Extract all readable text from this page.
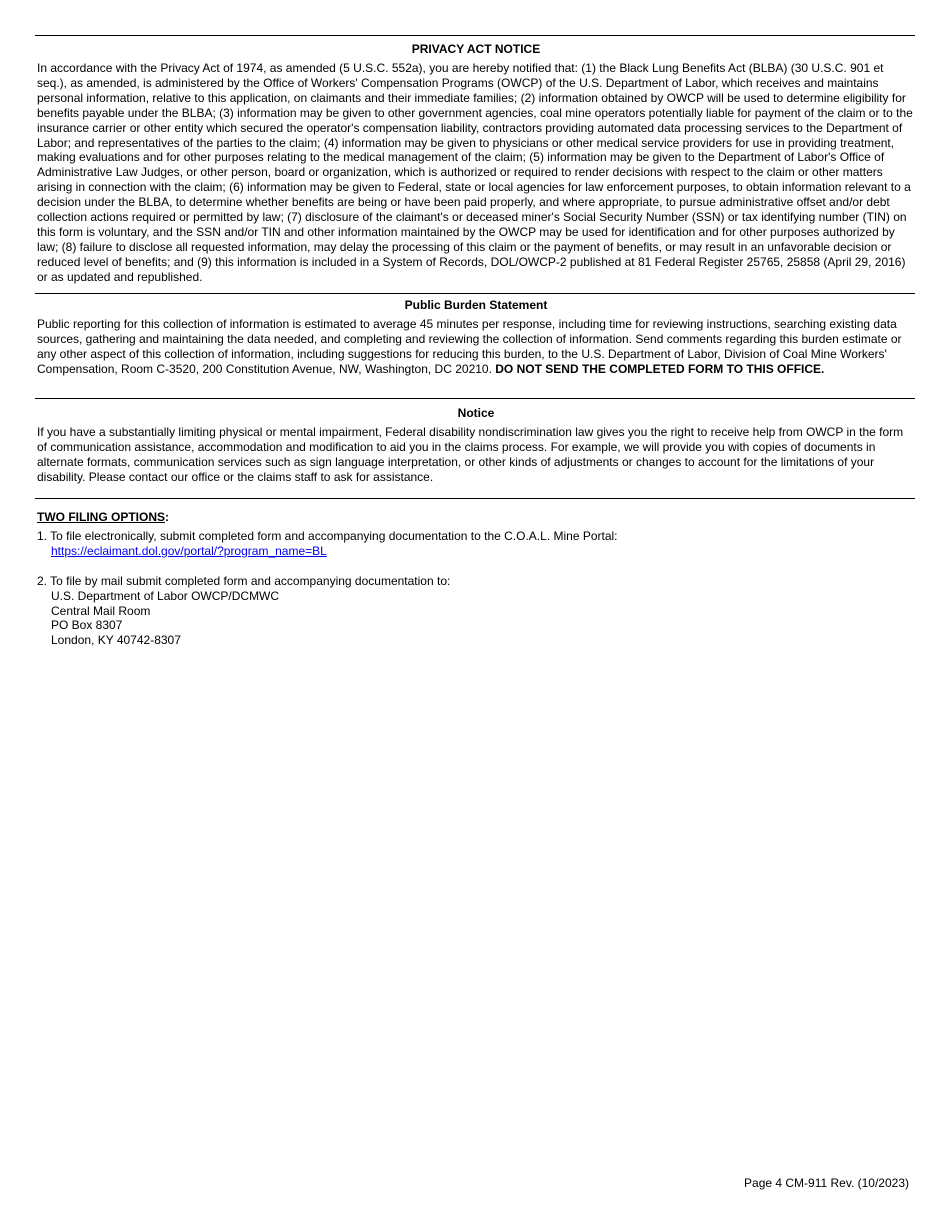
PRIVACY ACT NOTICE

In accordance with the Privacy Act of 1974, as amended (5 U.S.C. 552a), you are hereby notified that: (1) the Black Lung Benefits Act (BLBA) (30 U.S.C. 901 et seq.), as amended, is administered by the Office of Workers' Compensation Programs (OWCP) of the U.S. Department of Labor, which receives and maintains personal information, relative to this application, on claimants and their immediate families; (2) information obtained by OWCP will be used to determine eligibility for benefits payable under the BLBA; (3) information may be given to other government agencies, coal mine operators potentially liable for payment of the claim or to the insurance carrier or other entity which secured the operator's compensation liability, contractors providing automated data processing services to the Department of Labor; and representatives of the parties to the claim; (4) information may be given to physicians or other medical service providers for use in providing treatment, making evaluations and for other purposes relating to the medical management of the claim; (5) information may be given to the Department of Labor's Office of Administrative Law Judges, or other person, board or organization, which is authorized or required to render decisions with respect to the claim or other matters arising in connection with the claim; (6) information may be given to Federal, state or local agencies for law enforcement purposes, to obtain information relevant to a decision under the BLBA, to determine whether benefits are being or have been paid properly, and where appropriate, to pursue administrative offset and/or debt collection actions required or permitted by law; (7) disclosure of the claimant's or deceased miner's Social Security Number (SSN) or tax identifying number (TIN) on this form is voluntary, and the SSN and/or TIN and other information maintained by the OWCP may be used for identification and for other purposes authorized by law; (8) failure to disclose all requested information, may delay the processing of this claim or the payment of benefits, or may result in an unfavorable decision or reduced level of benefits; and (9) this information is included in a System of Records, DOL/OWCP-2 published at 81 Federal Register 25765, 25858 (April 29, 2016) or as updated and republished.

Public Burden Statement

Public reporting for this collection of information is estimated to average 45 minutes per response, including time for reviewing instructions, searching existing data sources, gathering and maintaining the data needed, and completing and reviewing the collection of information. Send comments regarding this burden estimate or any other aspect of this collection of information, including suggestions for reducing this burden, to the U.S. Department of Labor, Division of Coal Mine Workers' Compensation, Room C-3520, 200 Constitution Avenue, NW, Washington, DC 20210. DO NOT SEND THE COMPLETED FORM TO THIS OFFICE.

Notice

If you have a substantially limiting physical or mental impairment, Federal disability nondiscrimination law gives you the right to receive help from OWCP in the form of communication assistance, accommodation and modification to aid you in the claims process. For example, we will provide you with copies of documents in alternate formats, communication services such as sign language interpretation, or other kinds of adjustments or changes to account for the limitations of your disability. Please contact our office or the claims staff to ask for assistance.

TWO FILING OPTIONS:

1. To file electronically, submit completed form and accompanying documentation to the C.O.A.L. Mine Portal:

https://eclaimant.dol.gov/portal/?program_name=BL

2. To file by mail submit completed form and accompanying documentation to:

U.S. Department of Labor OWCP/DCMWC

Central Mail Room

PO Box 8307

London, KY 40742-8307

Page 4 CM-911 Rev. (10/2023)
